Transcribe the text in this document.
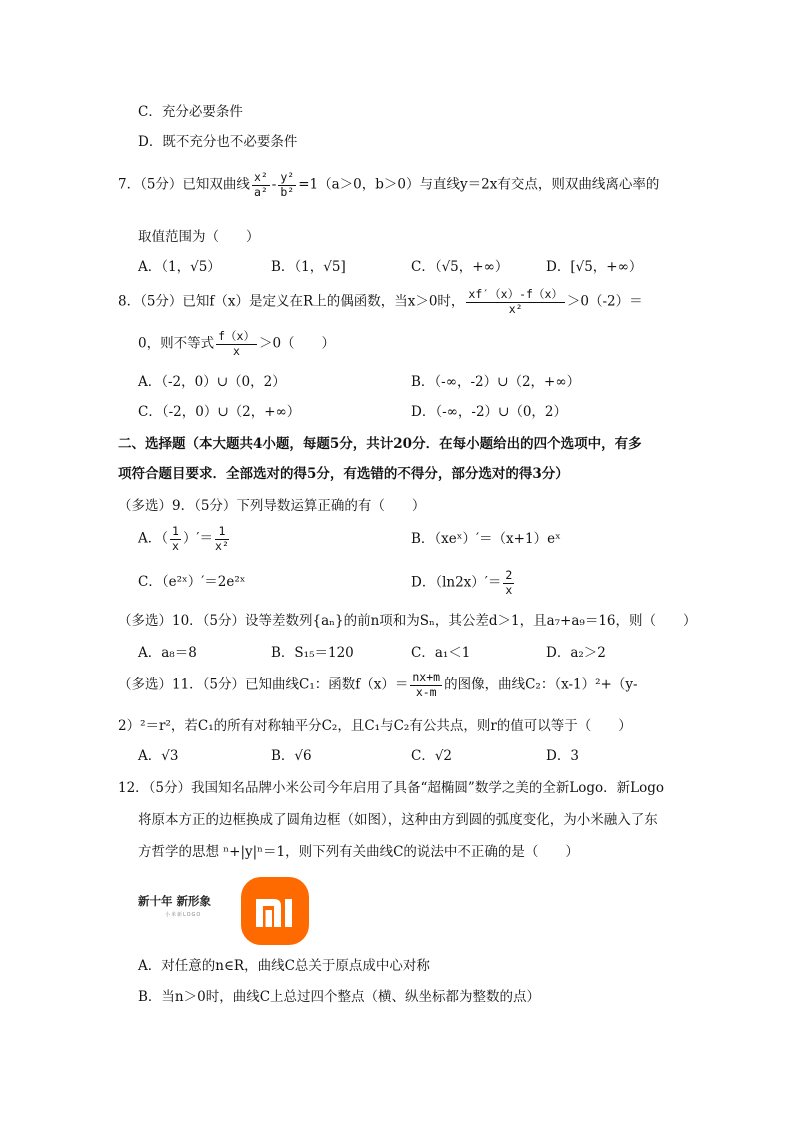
C．充分必要条件
D．既不充分也不必要条件
7．（5分）已知双曲线 $\frac{\text{x²}}{\text{a²}} - \frac{\text{y²}}{\text{b²}} =1(a>0$，b＞0）与直线y＝2x有交点，则双曲线离心率的
取值范围为（　　）
A．（1，√5）	B．（1，√5]	C．（√5，+∞）	D．[√5，+∞）
8．（5分）已知f（x）是定义在R上的偶函数，当x＞0时， $\frac{xf'(x)-f(x)}{\text{x²}} >0(-2)=$
0，则不等式 $\frac{f(x)}{x} >0$（　　）
A．（-2，0）∪（0，2）	B．（-∞，-2）∪（2，+∞）
C．（-2，0）∪（2，+∞）	D．（-∞，-2）∪（0，2）
二、选择题（本大题共4小题，每题5分，共计20分．在每小题给出的四个选项中，有多
项符合题目要求．全部选对的得5分，有选错的不得分，部分选对的得3分）
（多选）9．（5分）下列导数运算正确的有（　　）
A．（ $\frac{1}{x}$ ）′＝ $\frac{1}{\text{x²}}$	B．（xeˣ）′＝（x+1）eˣ
C．（e²ˣ）′＝2e²ˣ	D．$(\ln 2x)'= \frac{2}{x}$
（多选）10．（5分）设等差数列{aₙ}的前n项和为Sₙ，其公差d＞1，且a₇+a₉＝16，则（　　）
A．a₈＝8	B．S₁₅＝120	C．a₁＜1	D．a₂＞2
（多选）11．（5分）已知曲线C₁：函数$f(x)= \frac{nx+m}{x-m}$ 的图像，曲线C₂：（x-1）²+（y-
2）²＝r²，若C₁的所有对称轴平分C₂，且C₁与C₂有公共点，则r的值可以等于（　　）
A．√3	B．√6	C．√2	D．3
12．（5分）我国知名品牌小米公司今年启用了具备“超椭圆”数学之美的全新Logo．新Logo
将原本方正的边框换成了圆角边框（如图），这种由方到圆的弧度变化，为小米融入了东
方哲学的思想 ⁿ+|y|ⁿ＝1，则下列有关曲线C的说法中不正确的是（　　）
新十年 新形象
小米新LOGO
A．对任意的n∈R，曲线C总关于原点成中心对称
B．当n＞0时，曲线C上总过四个整点（横、纵坐标都为整数的点）
